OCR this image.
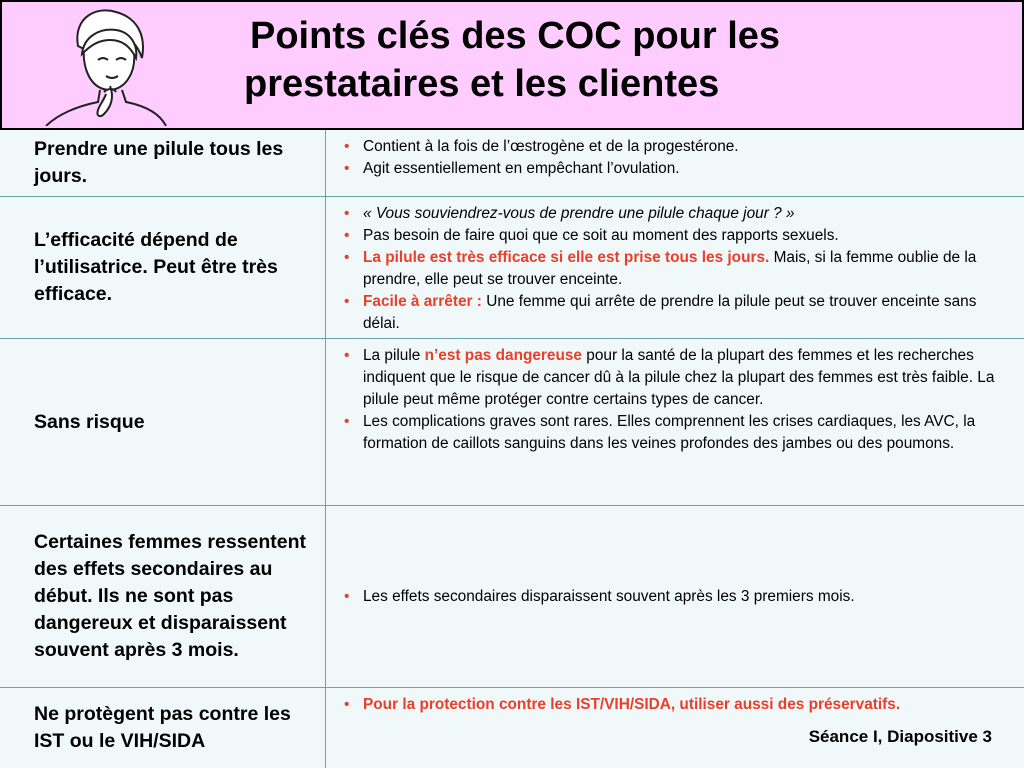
Points clés des COC pour les
prestataires et les clientes
Prendre une pilule tous les jours.
• Contient à la fois de l’œstrogène et de la progestérone.
• Agit essentiellement en empêchant l’ovulation.
L’efficacité dépend de l’utilisatrice. Peut être très efficace.
• « Vous souviendrez-vous de prendre une pilule chaque jour ? »
• Pas besoin de faire quoi que ce soit au moment des rapports sexuels.
• La pilule est très efficace si elle est prise tous les jours. Mais, si la femme oublie de la prendre, elle peut se trouver enceinte.
• Facile à arrêter : Une femme qui arrête de prendre la pilule peut se trouver enceinte sans délai.
Sans risque
• La pilule n’est pas dangereuse pour la santé de la plupart des femmes et les recherches indiquent que le risque de cancer dû à la pilule chez la plupart des femmes est très faible. La pilule peut même protéger contre certains types de cancer.
• Les complications graves sont rares. Elles comprennent les crises cardiaques, les AVC, la formation de caillots sanguins dans les veines profondes des jambes ou des poumons.
Certaines femmes ressentent des effets secondaires au début. Ils ne sont pas dangereux et disparaissent souvent après 3 mois.
• Les effets secondaires disparaissent souvent après les 3 premiers mois.
Ne protègent pas contre les IST ou le VIH/SIDA
• Pour la protection contre les IST/VIH/SIDA, utiliser aussi des préservatifs.
Séance I, Diapositive 3
